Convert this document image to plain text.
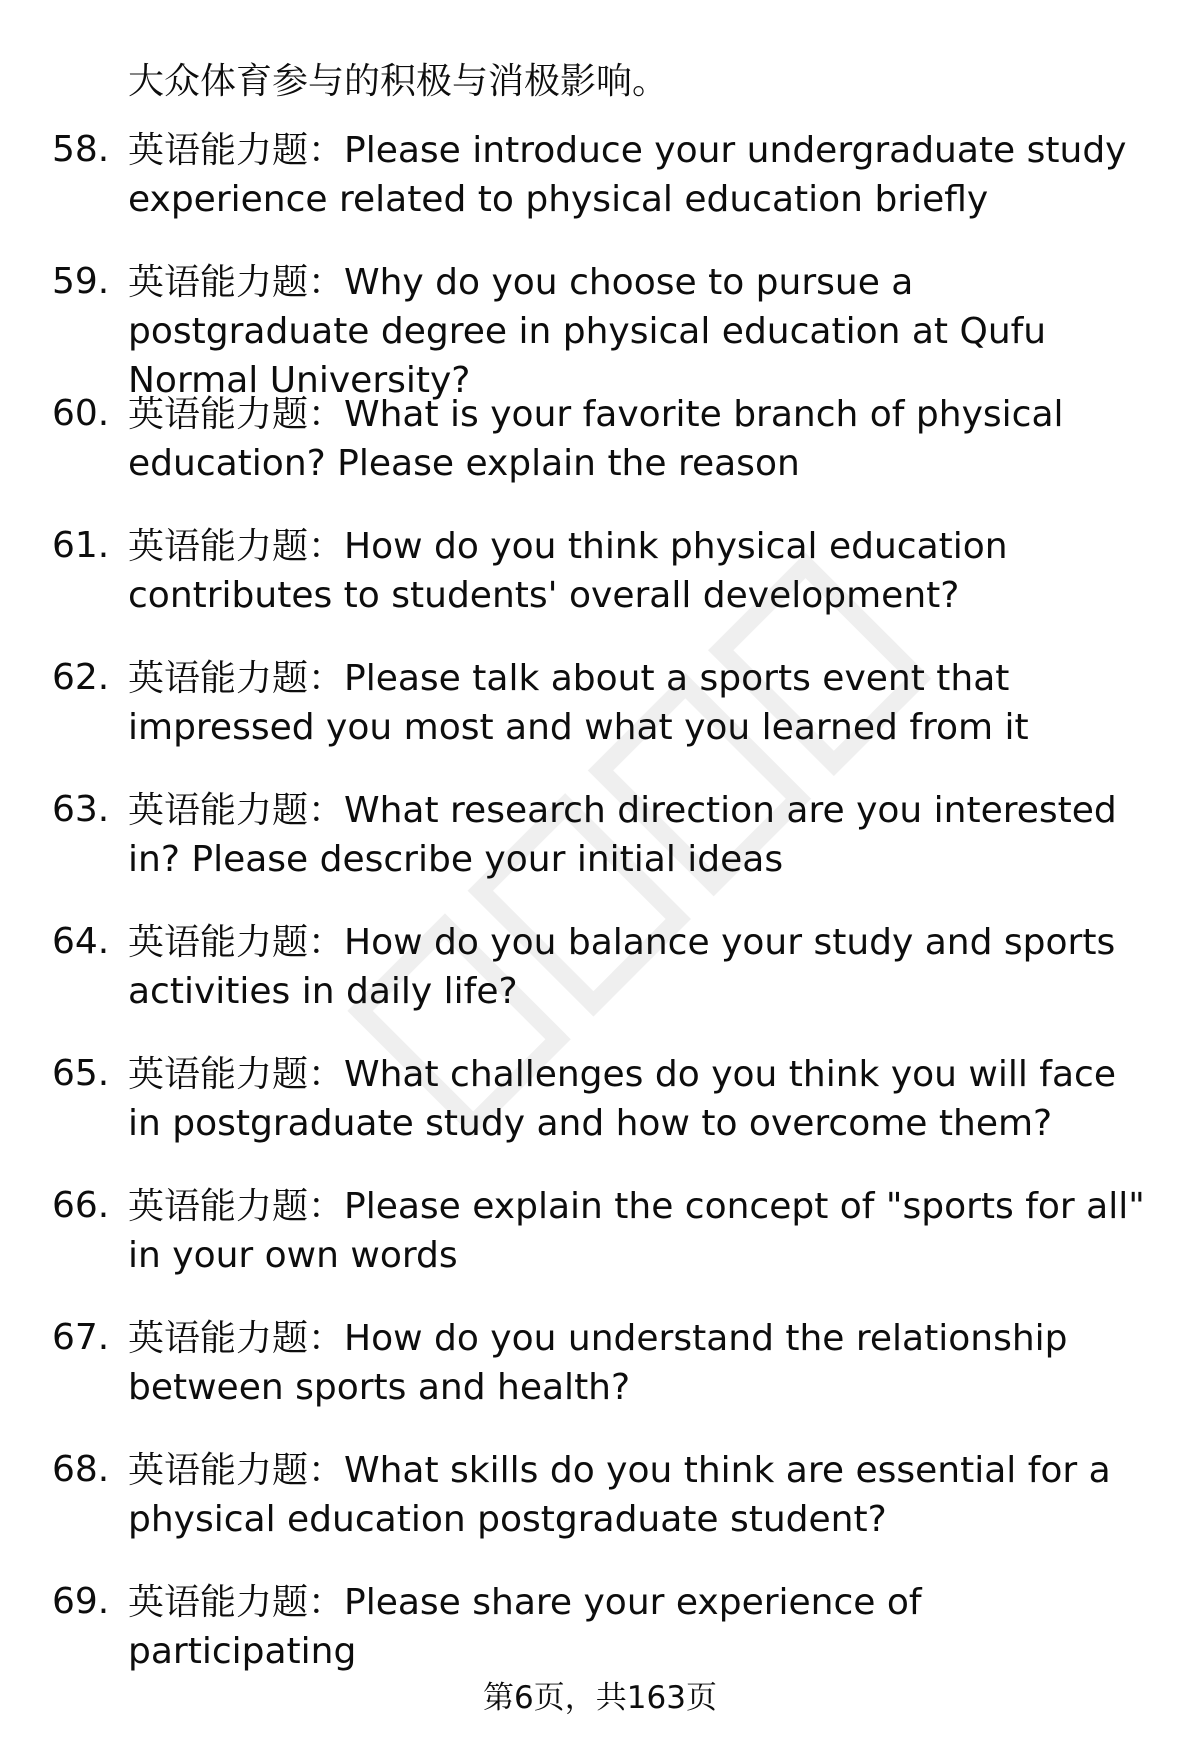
大众体育参与的积极与消极影响。
58. 英语能力题：Please introduce your undergraduate study experience related to physical education briefly
59. 英语能力题：Why do you choose to pursue a postgraduate degree in physical education at Qufu Normal University?
60. 英语能力题：What is your favorite branch of physical education? Please explain the reason
61. 英语能力题：How do you think physical education contributes to students' overall development?
62. 英语能力题：Please talk about a sports event that impressed you most and what you learned from it
63. 英语能力题：What research direction are you interested in? Please describe your initial ideas
64. 英语能力题：How do you balance your study and sports activities in daily life?
65. 英语能力题：What challenges do you think you will face in postgraduate study and how to overcome them?
66. 英语能力题：Please explain the concept of "sports for all" in your own words
67. 英语能力题：How do you understand the relationship between sports and health?
68. 英语能力题：What skills do you think are essential for a physical education postgraduate student?
69. 英语能力题：Please share your experience of participating
第6页，共163页
